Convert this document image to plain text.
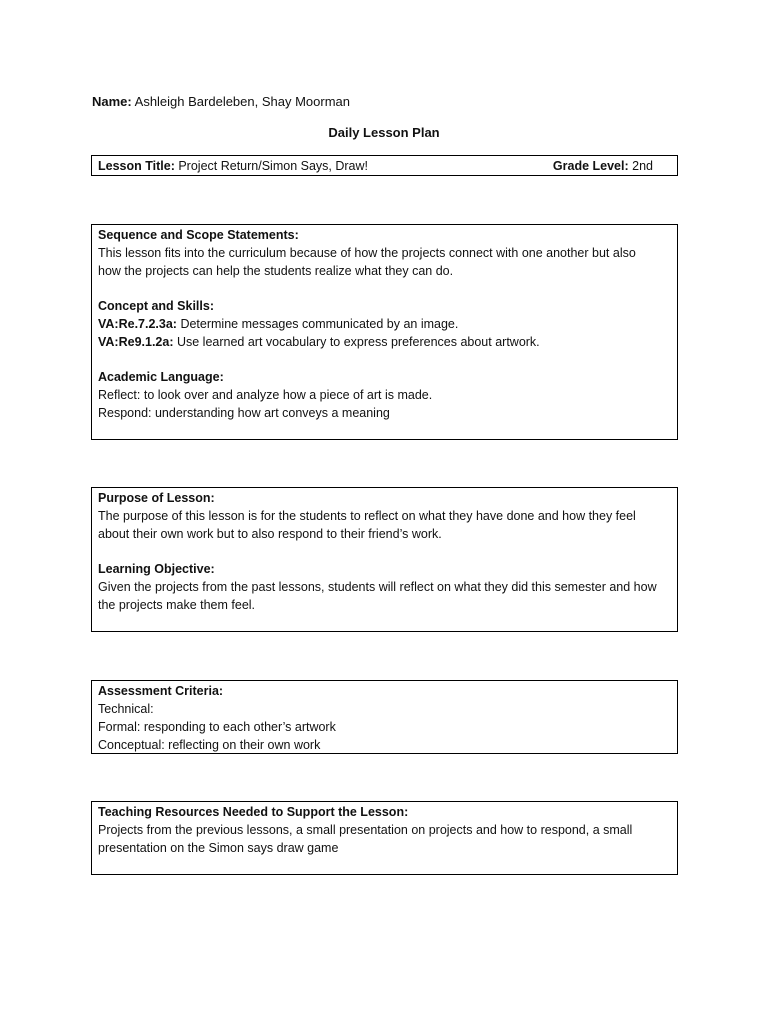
Name: Ashleigh Bardeleben, Shay Moorman
Daily Lesson Plan
Lesson Title: Project Return/Simon Says, Draw!	Grade Level: 2nd
Sequence and Scope Statements:
This lesson fits into the curriculum because of how the projects connect with one another but also
how the projects can help the students realize what they can do.
Concept and Skills:
VA:Re.7.2.3a: Determine messages communicated by an image.
VA:Re9.1.2a: Use learned art vocabulary to express preferences about artwork.
Academic Language:
Reflect: to look over and analyze how a piece of art is made.
Respond: understanding how art conveys a meaning
Purpose of Lesson:
The purpose of this lesson is for the students to reflect on what they have done and how they feel
about their own work but to also respond to their friend’s work.
Learning Objective:
Given the projects from the past lessons, students will reflect on what they did this semester and how
the projects make them feel.
Assessment Criteria:
Technical:
Formal: responding to each other’s artwork
Conceptual: reflecting on their own work
Teaching Resources Needed to Support the Lesson:
Projects from the previous lessons, a small presentation on projects and how to respond, a small
presentation on the Simon says draw game
